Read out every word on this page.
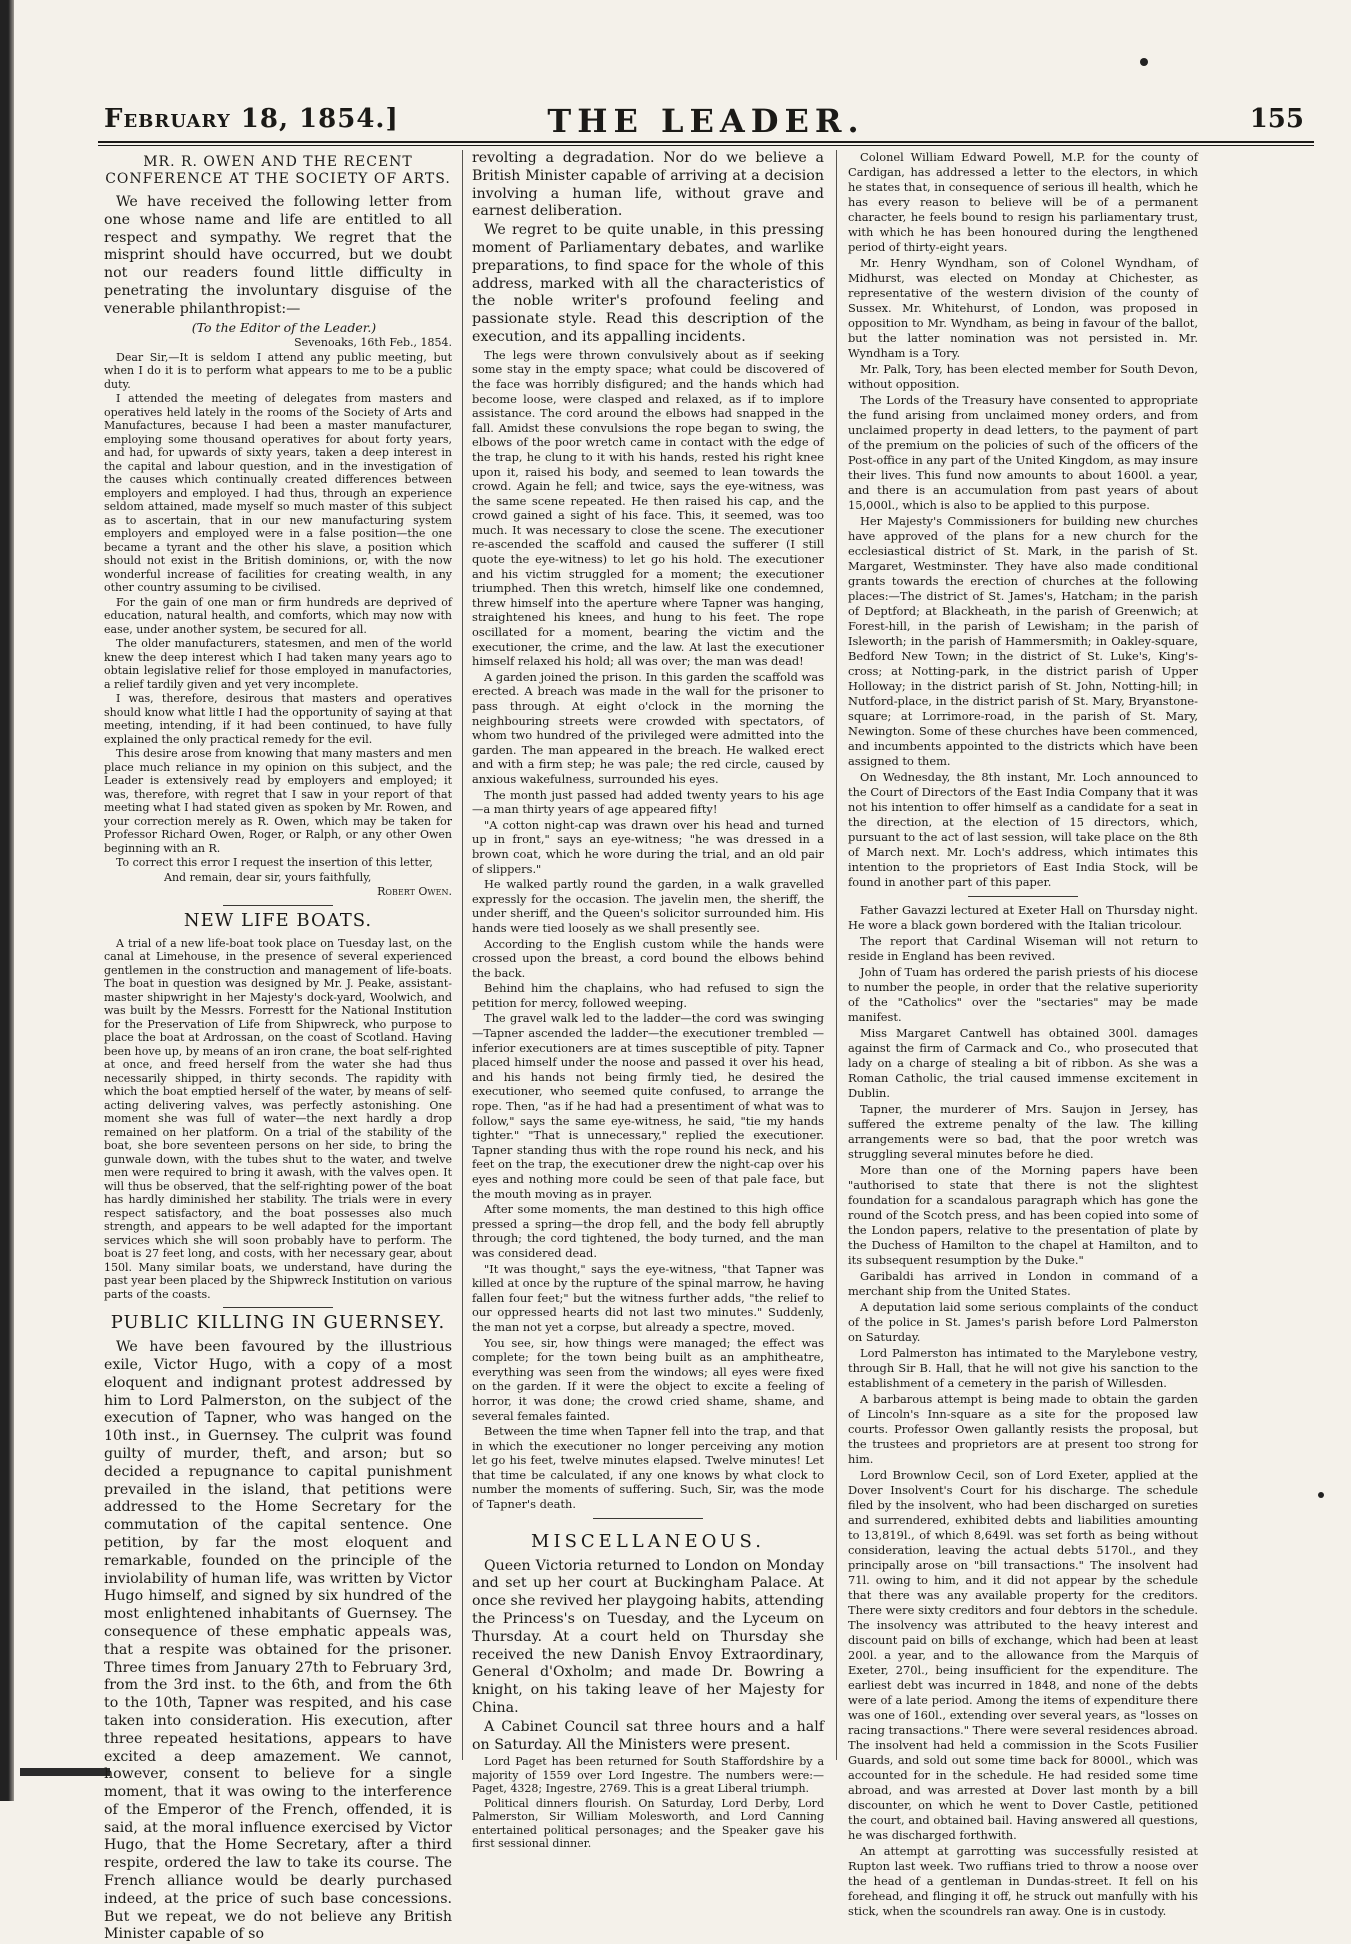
February 18, 1854.]	THE LEADER.	155
MR. R. OWEN AND THE RECENT CONFERENCE AT THE SOCIETY OF ARTS.

We have received the following letter from one whose name and life are entitled to all respect and sympathy. We regret that the misprint should have occurred, but we doubt not our readers found little difficulty in penetrating the involuntary disguise of the venerable philanthropist:—

(To the Editor of the Leader.)

Sevenoaks, 16th Feb., 1854.

Dear Sir,—It is seldom I attend any public meeting, but when I do it is to perform what appears to me to be a public duty.

I attended the meeting of delegates from masters and operatives held lately in the rooms of the Society of Arts and Manufactures, because I had been a master manufacturer, employing some thousand operatives for about forty years, and had, for upwards of sixty years, taken a deep interest in the capital and labour question, and in the investigation of the causes which continually created differences between employers and employed. I had thus, through an experience seldom attained, made myself so much master of this subject as to ascertain, that in our new manufacturing system employers and employed were in a false position—the one became a tyrant and the other his slave, a position which should not exist in the British dominions, or, with the now wonderful increase of facilities for creating wealth, in any other country assuming to be civilised.

For the gain of one man or firm hundreds are deprived of education, natural health, and comforts, which may now with ease, under another system, be secured for all.

The older manufacturers, statesmen, and men of the world knew the deep interest which I had taken many years ago to obtain legislative relief for those employed in manufactories, a relief tardily given and yet very incomplete.

I was, therefore, desirous that masters and operatives should know what little I had the opportunity of saying at that meeting, intending, if it had been continued, to have fully explained the only practical remedy for the evil.

This desire arose from knowing that many masters and men place much reliance in my opinion on this subject, and the Leader is extensively read by employers and employed; it was, therefore, with regret that I saw in your report of that meeting what I had stated given as spoken by Mr. Rowen, and your correction merely as R. Owen, which may be taken for Professor Richard Owen, Roger, or Ralph, or any other Owen beginning with an R.

To correct this error I request the insertion of this letter,

And remain, dear sir, yours faithfully,

Robert Owen.

NEW LIFE BOATS.

A trial of a new life-boat took place on Tuesday last, on the canal at Limehouse, in the presence of several experienced gentlemen in the construction and management of life-boats. The boat in question was designed by Mr. J. Peake, assistant-master shipwright in her Majesty's dock-yard, Woolwich, and was built by the Messrs. Forrestt for the National Institution for the Preservation of Life from Shipwreck, who purpose to place the boat at Ardrossan, on the coast of Scotland. Having been hove up, by means of an iron crane, the boat self-righted at once, and freed herself from the water she had thus necessarily shipped, in thirty seconds. The rapidity with which the boat emptied herself of the water, by means of self-acting delivering valves, was perfectly astonishing. One moment she was full of water—the next hardly a drop remained on her platform. On a trial of the stability of the boat, she bore seventeen persons on her side, to bring the gunwale down, with the tubes shut to the water, and twelve men were required to bring it awash, with the valves open. It will thus be observed, that the self-righting power of the boat has hardly diminished her stability. The trials were in every respect satisfactory, and the boat possesses also much strength, and appears to be well adapted for the important services which she will soon probably have to perform. The boat is 27 feet long, and costs, with her necessary gear, about 150l. Many similar boats, we understand, have during the past year been placed by the Shipwreck Institution on various parts of the coasts.

PUBLIC KILLING IN GUERNSEY.

We have been favoured by the illustrious exile, Victor Hugo, with a copy of a most eloquent and indignant protest addressed by him to Lord Palmerston, on the subject of the execution of Tapner, who was hanged on the 10th inst., in Guernsey. The culprit was found guilty of murder, theft, and arson; but so decided a repugnance to capital punishment prevailed in the island, that petitions were addressed to the Home Secretary for the commutation of the capital sentence. One petition, by far the most eloquent and remarkable, founded on the principle of the inviolability of human life, was written by Victor Hugo himself, and signed by six hundred of the most enlightened inhabitants of Guernsey. The consequence of these emphatic appeals was, that a respite was obtained for the prisoner. Three times from January 27th to February 3rd, from the 3rd inst. to the 6th, and from the 6th to the 10th, Tapner was respited, and his case taken into consideration. His execution, after three repeated hesitations, appears to have excited a deep amazement. We cannot, however, consent to believe for a single moment, that it was owing to the interference of the Emperor of the French, offended, it is said, at the moral influence exercised by Victor Hugo, that the Home Secretary, after a third respite, ordered the law to take its course. The French alliance would be dearly purchased indeed, at the price of such base concessions. But we repeat, we do not believe any British Minister capable of so

revolting a degradation. Nor do we believe a British Minister capable of arriving at a decision involving a human life, without grave and earnest deliberation.

We regret to be quite unable, in this pressing moment of Parliamentary debates, and warlike preparations, to find space for the whole of this address, marked with all the characteristics of the noble writer's profound feeling and passionate style. Read this description of the execution, and its appalling incidents.

The legs were thrown convulsively about as if seeking some stay in the empty space; what could be discovered of the face was horribly disfigured; and the hands which had become loose, were clasped and relaxed, as if to implore assistance. The cord around the elbows had snapped in the fall. Amidst these convulsions the rope began to swing, the elbows of the poor wretch came in contact with the edge of the trap, he clung to it with his hands, rested his right knee upon it, raised his body, and seemed to lean towards the crowd. Again he fell; and twice, says the eye-witness, was the same scene repeated. He then raised his cap, and the crowd gained a sight of his face. This, it seemed, was too much. It was necessary to close the scene. The executioner re-ascended the scaffold and caused the sufferer (I still quote the eye-witness) to let go his hold. The executioner and his victim struggled for a moment; the executioner triumphed. Then this wretch, himself like one condemned, threw himself into the aperture where Tapner was hanging, straightened his knees, and hung to his feet. The rope oscillated for a moment, bearing the victim and the executioner, the crime, and the law. At last the executioner himself relaxed his hold; all was over; the man was dead!

A garden joined the prison. In this garden the scaffold was erected. A breach was made in the wall for the prisoner to pass through. At eight o'clock in the morning the neighbouring streets were crowded with spectators, of whom two hundred of the privileged were admitted into the garden. The man appeared in the breach. He walked erect and with a firm step; he was pale; the red circle, caused by anxious wakefulness, surrounded his eyes.

The month just passed had added twenty years to his age —a man thirty years of age appeared fifty!

"A cotton night-cap was drawn over his head and turned up in front," says an eye-witness; "he was dressed in a brown coat, which he wore during the trial, and an old pair of slippers."

He walked partly round the garden, in a walk gravelled expressly for the occasion. The javelin men, the sheriff, the under sheriff, and the Queen's solicitor surrounded him. His hands were tied loosely as we shall presently see.

According to the English custom while the hands were crossed upon the breast, a cord bound the elbows behind the back.

Behind him the chaplains, who had refused to sign the petition for mercy, followed weeping.

The gravel walk led to the ladder—the cord was swinging—Tapner ascended the ladder—the executioner trembled —inferior executioners are at times susceptible of pity. Tapner placed himself under the noose and passed it over his head, and his hands not being firmly tied, he desired the executioner, who seemed quite confused, to arrange the rope. Then, "as if he had had a presentiment of what was to follow," says the same eye-witness, he said, "tie my hands tighter." "That is unnecessary," replied the executioner. Tapner standing thus with the rope round his neck, and his feet on the trap, the executioner drew the night-cap over his eyes and nothing more could be seen of that pale face, but the mouth moving as in prayer.

After some moments, the man destined to this high office pressed a spring—the drop fell, and the body fell abruptly through; the cord tightened, the body turned, and the man was considered dead.

"It was thought," says the eye-witness, "that Tapner was killed at once by the rupture of the spinal marrow, he having fallen four feet;" but the witness further adds, "the relief to our oppressed hearts did not last two minutes." Suddenly, the man not yet a corpse, but already a spectre, moved.

You see, sir, how things were managed; the effect was complete; for the town being built as an amphitheatre, everything was seen from the windows; all eyes were fixed on the garden. If it were the object to excite a feeling of horror, it was done; the crowd cried shame, shame, and several females fainted.

Between the time when Tapner fell into the trap, and that in which the executioner no longer perceiving any motion let go his feet, twelve minutes elapsed. Twelve minutes! Let that time be calculated, if any one knows by what clock to number the moments of suffering. Such, Sir, was the mode of Tapner's death.

MISCELLANEOUS.

Queen Victoria returned to London on Monday and set up her court at Buckingham Palace. At once she revived her playgoing habits, attending the Princess's on Tuesday, and the Lyceum on Thursday. At a court held on Thursday she received the new Danish Envoy Extraordinary, General d'Oxholm; and made Dr. Bowring a knight, on his taking leave of her Majesty for China.

A Cabinet Council sat three hours and a half on Saturday. All the Ministers were present.

Lord Paget has been returned for South Staffordshire by a majority of 1559 over Lord Ingestre. The numbers were:—Paget, 4328; Ingestre, 2769. This is a great Liberal triumph.

Political dinners flourish. On Saturday, Lord Derby, Lord Palmerston, Sir William Molesworth, and Lord Canning entertained political personages; and the Speaker gave his first sessional dinner.

Colonel William Edward Powell, M.P. for the county of Cardigan, has addressed a letter to the electors, in which he states that, in consequence of serious ill health, which he has every reason to believe will be of a permanent character, he feels bound to resign his parliamentary trust, with which he has been honoured during the lengthened period of thirty-eight years.

Mr. Henry Wyndham, son of Colonel Wyndham, of Midhurst, was elected on Monday at Chichester, as representative of the western division of the county of Sussex. Mr. Whitehurst, of London, was proposed in opposition to Mr. Wyndham, as being in favour of the ballot, but the latter nomination was not persisted in. Mr. Wyndham is a Tory.

Mr. Palk, Tory, has been elected member for South Devon, without opposition.

The Lords of the Treasury have consented to appropriate the fund arising from unclaimed money orders, and from unclaimed property in dead letters, to the payment of part of the premium on the policies of such of the officers of the Post-office in any part of the United Kingdom, as may insure their lives. This fund now amounts to about 1600l. a year, and there is an accumulation from past years of about 15,000l., which is also to be applied to this purpose.

Her Majesty's Commissioners for building new churches have approved of the plans for a new church for the ecclesiastical district of St. Mark, in the parish of St. Margaret, Westminster. They have also made conditional grants towards the erection of churches at the following places:—The district of St. James's, Hatcham; in the parish of Deptford; at Blackheath, in the parish of Greenwich; at Forest-hill, in the parish of Lewisham; in the parish of Isleworth; in the parish of Hammersmith; in Oakley-square, Bedford New Town; in the district of St. Luke's, King's-cross; at Notting-park, in the district parish of Upper Holloway; in the district parish of St. John, Notting-hill; in Nutford-place, in the district parish of St. Mary, Bryanstone-square; at Lorrimore-road, in the parish of St. Mary, Newington. Some of these churches have been commenced, and incumbents appointed to the districts which have been assigned to them.

On Wednesday, the 8th instant, Mr. Loch announced to the Court of Directors of the East India Company that it was not his intention to offer himself as a candidate for a seat in the direction, at the election of 15 directors, which, pursuant to the act of last session, will take place on the 8th of March next. Mr. Loch's address, which intimates this intention to the proprietors of East India Stock, will be found in another part of this paper.

Father Gavazzi lectured at Exeter Hall on Thursday night. He wore a black gown bordered with the Italian tricolour.

The report that Cardinal Wiseman will not return to reside in England has been revived.

John of Tuam has ordered the parish priests of his diocese to number the people, in order that the relative superiority of the "Catholics" over the "sectaries" may be made manifest.

Miss Margaret Cantwell has obtained 300l. damages against the firm of Carmack and Co., who prosecuted that lady on a charge of stealing a bit of ribbon. As she was a Roman Catholic, the trial caused immense excitement in Dublin.

Tapner, the murderer of Mrs. Saujon in Jersey, has suffered the extreme penalty of the law. The killing arrangements were so bad, that the poor wretch was struggling several minutes before he died.

More than one of the Morning papers have been "authorised to state that there is not the slightest foundation for a scandalous paragraph which has gone the round of the Scotch press, and has been copied into some of the London papers, relative to the presentation of plate by the Duchess of Hamilton to the chapel at Hamilton, and to its subsequent resumption by the Duke."

Garibaldi has arrived in London in command of a merchant ship from the United States.

A deputation laid some serious complaints of the conduct of the police in St. James's parish before Lord Palmerston on Saturday.

Lord Palmerston has intimated to the Marylebone vestry, through Sir B. Hall, that he will not give his sanction to the establishment of a cemetery in the parish of Willesden.

A barbarous attempt is being made to obtain the garden of Lincoln's Inn-square as a site for the proposed law courts. Professor Owen gallantly resists the proposal, but the trustees and proprietors are at present too strong for him.

Lord Brownlow Cecil, son of Lord Exeter, applied at the Dover Insolvent's Court for his discharge. The schedule filed by the insolvent, who had been discharged on sureties and surrendered, exhibited debts and liabilities amounting to 13,819l., of which 8,649l. was set forth as being without consideration, leaving the actual debts 5170l., and they principally arose on "bill transactions." The insolvent had 71l. owing to him, and it did not appear by the schedule that there was any available property for the creditors. There were sixty creditors and four debtors in the schedule. The insolvency was attributed to the heavy interest and discount paid on bills of exchange, which had been at least 200l. a year, and to the allowance from the Marquis of Exeter, 270l., being insufficient for the expenditure. The earliest debt was incurred in 1848, and none of the debts were of a late period. Among the items of expenditure there was one of 160l., extending over several years, as "losses on racing transactions." There were several residences abroad. The insolvent had held a commission in the Scots Fusilier Guards, and sold out some time back for 8000l., which was accounted for in the schedule. He had resided some time abroad, and was arrested at Dover last month by a bill discounter, on which he went to Dover Castle, petitioned the court, and obtained bail. Having answered all questions, he was discharged forthwith.

An attempt at garrotting was successfully resisted at Rupton last week. Two ruffians tried to throw a noose over the head of a gentleman in Dundas-street. It fell on his forehead, and flinging it off, he struck out manfully with his stick, when the scoundrels ran away. One is in custody.
